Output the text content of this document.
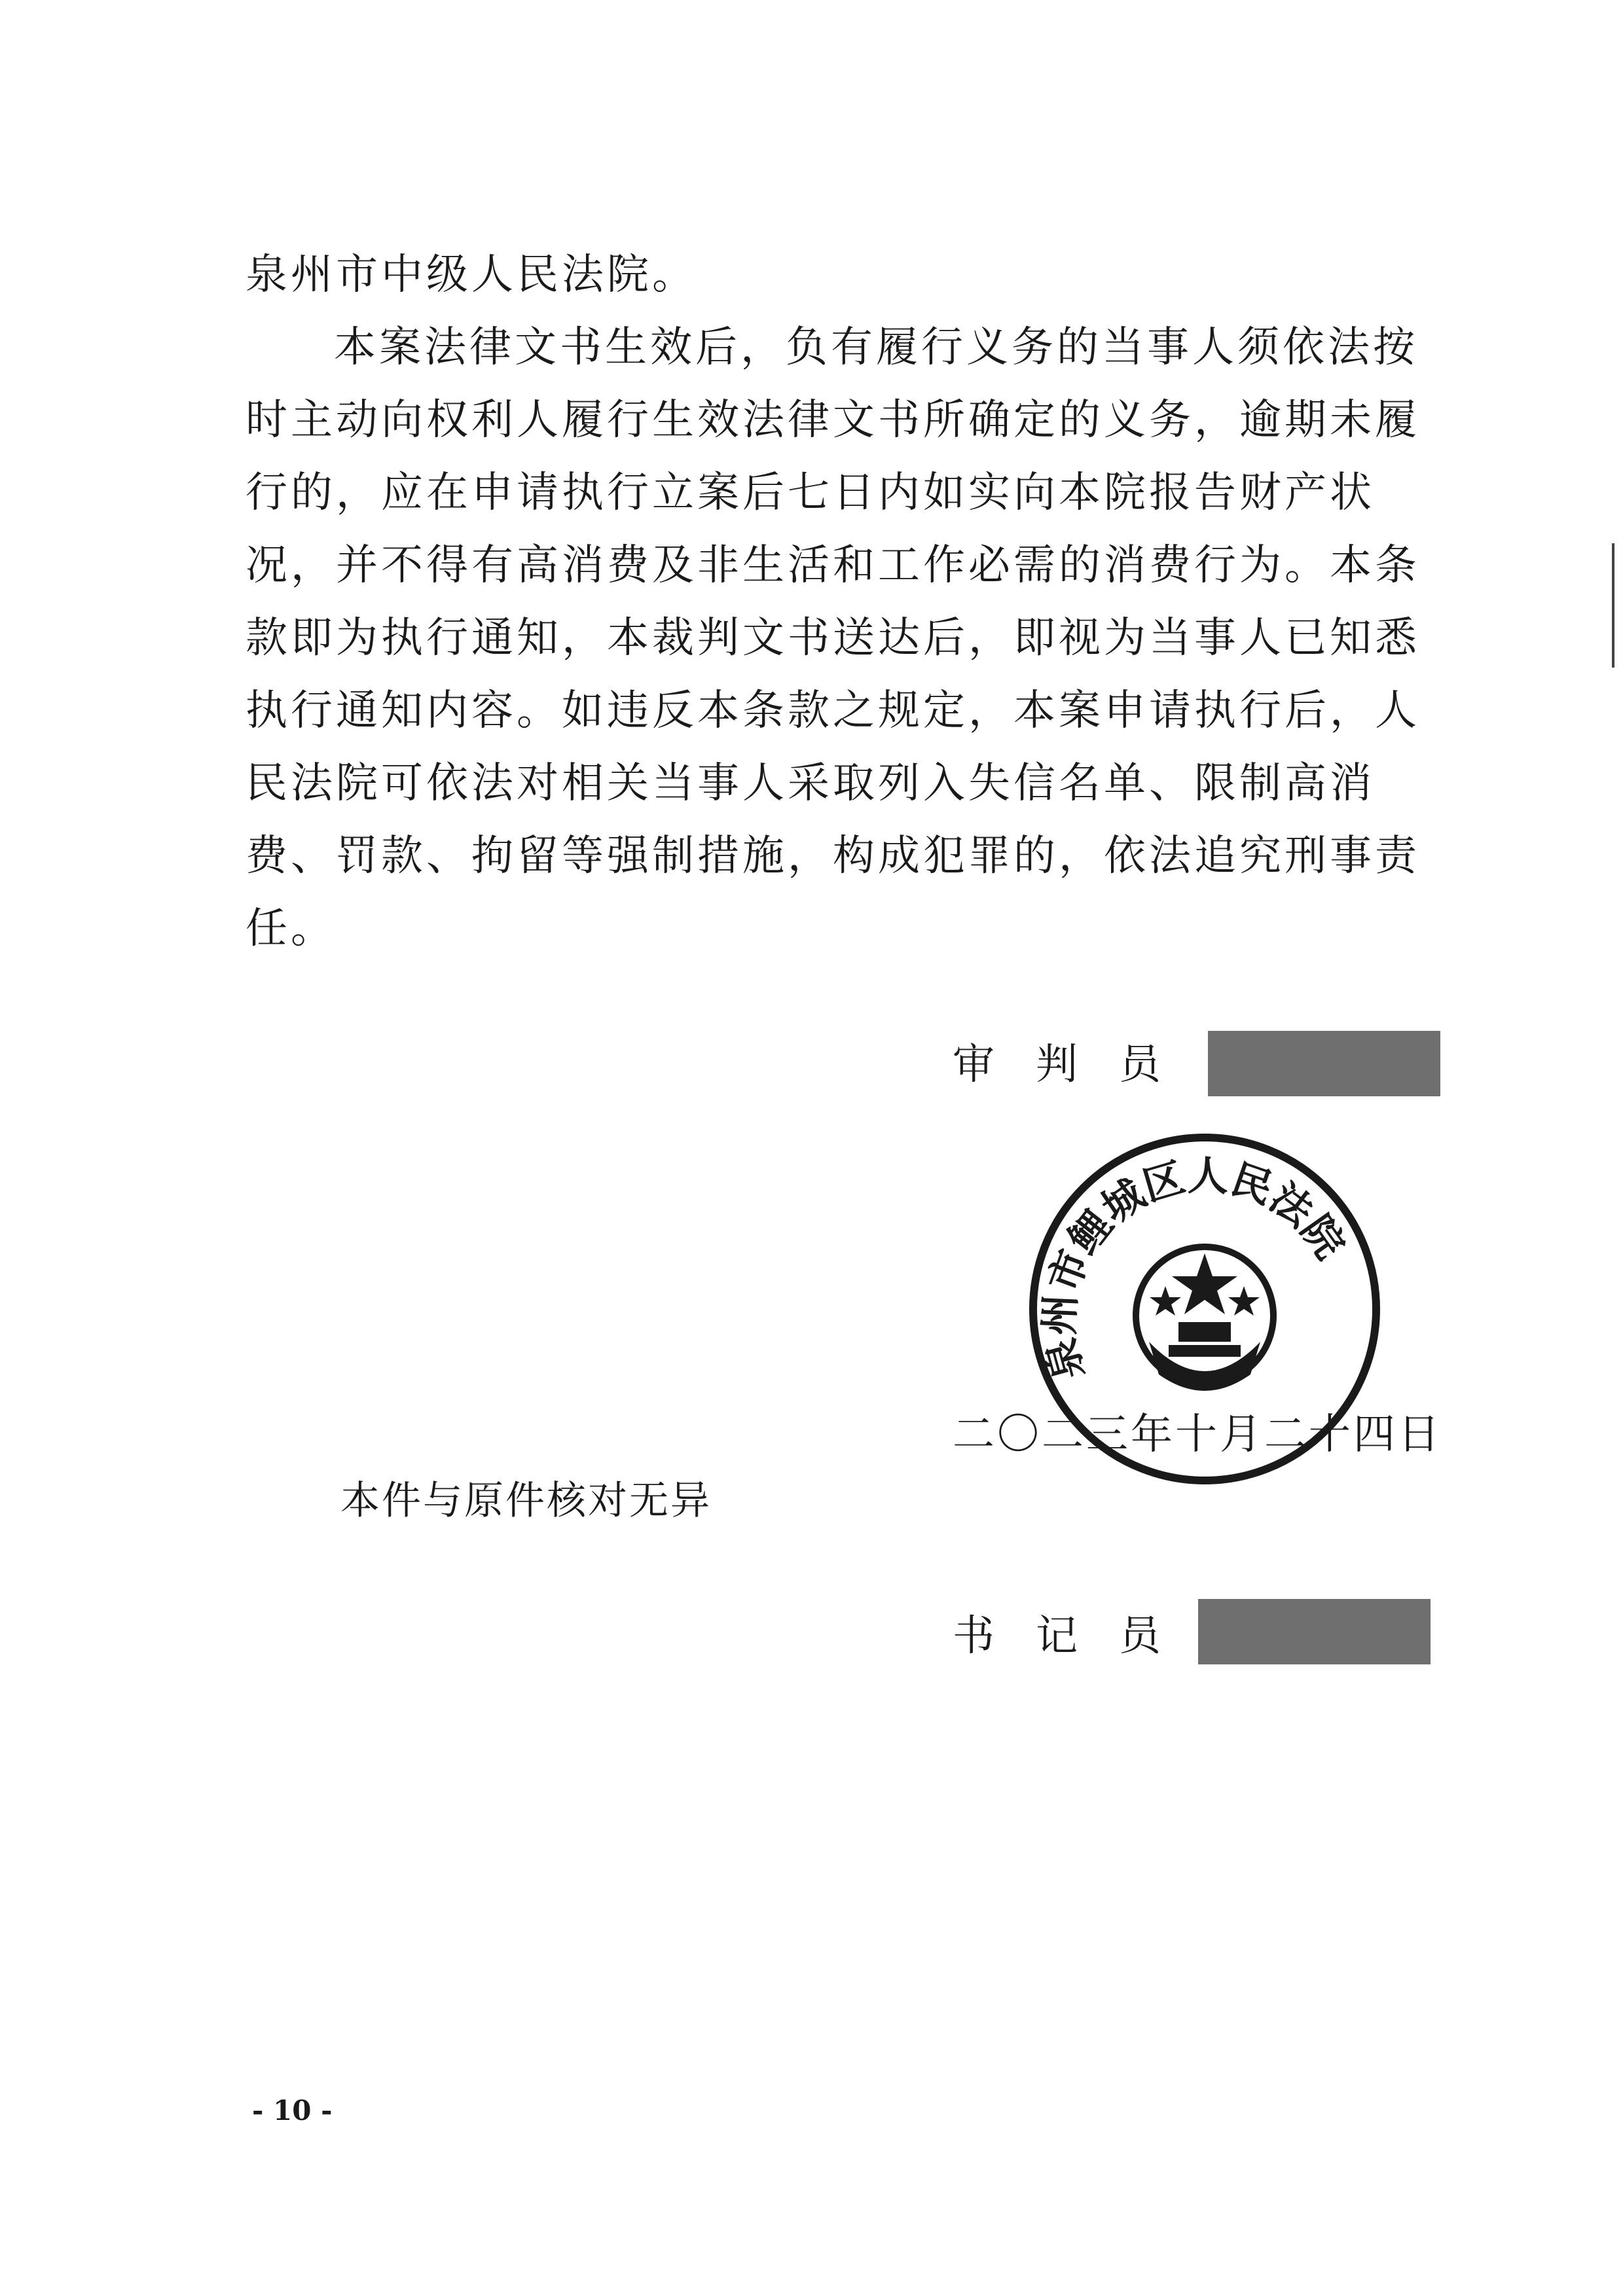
泉州市中级人民法院。

本案法律文书生效后，负有履行义务的当事人须依法按时主动向权利人履行生效法律文书所确定的义务，逾期未履行的，应在申请执行立案后七日内如实向本院报告财产状况，并不得有高消费及非生活和工作必需的消费行为。本条款即为执行通知，本裁判文书送达后，即视为当事人已知悉执行通知内容。如违反本条款之规定，本案申请执行后，人民法院可依法对相关当事人采取列入失信名单、限制高消费、罚款、拘留等强制措施，构成犯罪的，依法追究刑事责任。

审 判 员
泉州市鲤城区人民法院
二〇二三年十月二十四日
本件与原件核对无异
书 记 员
- 10 -
